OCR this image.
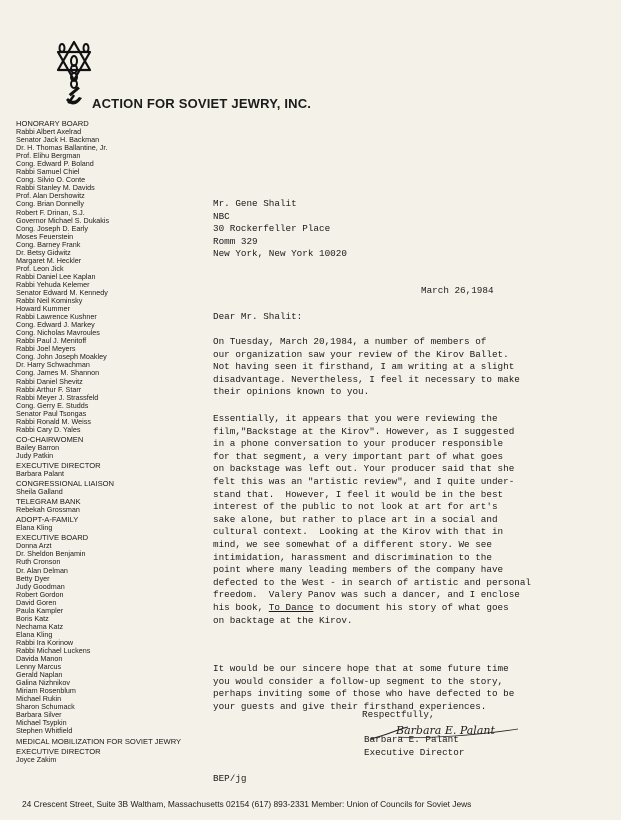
ACTION FOR SOVIET JEWRY, INC.
HONORARY BOARD
Rabbi Albert Axelrad
Senator Jack H. Backman
Dr. H. Thomas Ballantine, Jr.
Prof. Elihu Bergman
Cong. Edward P. Boland
Rabbi Samuel Chiel
Cong. Silvio O. Conte
Rabbi Stanley M. Davids
Prof. Alan Dershowitz
Cong. Brian Donnelly
Robert F. Drinan, S.J.
Governor Michael S. Dukakis
Cong. Joseph D. Early
Moses Feuerstein
Cong. Barney Frank
Dr. Betsy Gidwitz
Margaret M. Heckler
Prof. Leon Jick
Rabbi Daniel Lee Kaplan
Rabbi Yehuda Kelemer
Senator Edward M. Kennedy
Rabbi Neil Kominsky
Howard Kummer
Rabbi Lawrence Kushner
Cong. Edward J. Markey
Cong. Nicholas Mavroules
Rabbi Paul J. Menitoff
Rabbi Joel Meyers
Cong. John Joseph Moakley
Dr. Harry Schwachman
Cong. James M. Shannon
Rabbi Daniel Shevitz
Rabbi Arthur F. Starr
Rabbi Meyer J. Strassfeld
Cong. Gerry E. Studds
Senator Paul Tsongas
Rabbi Ronald M. Weiss
Rabbi Cary D. Yales
CO-CHAIRWOMEN
Bailey Barron
Judy Patkin
EXECUTIVE DIRECTOR
Barbara Palant
CONGRESSIONAL LIAISON
Sheila Galland
TELEGRAM BANK
Rebekah Grossman
ADOPT-A-FAMILY
Elana Kling
EXECUTIVE BOARD
Donna Arzt
Dr. Sheldon Benjamin
Ruth Cronson
Dr. Alan Delman
Betty Dyer
Judy Goodman
Robert Gordon
David Goren
Paula Kampler
Boris Katz
Nechama Katz
Elana Kling
Rabbi Ira Korinow
Rabbi Michael Luckens
Davida Manon
Lenny Marcus
Gerald Naplan
Galina Nizhnikov
Miriam Rosenblum
Michael Rukin
Sharon Schumack
Barbara Silver
Michael Tsypkin
Stephen Whitfield
MEDICAL MOBILIZATION FOR SOVIET JEWRY
EXECUTIVE DIRECTOR
Joyce Zakim
Mr. Gene Shalit
NBC
30 Rockerfeller Place
Romm 329
New York, New York 10020
March 26,1984
Dear Mr. Shalit:
On Tuesday, March 20,1984, a number of members of
our organization saw your review of the Kirov Ballet.
Not having seen it firsthand, I am writing at a slight
disadvantage. Nevertheless, I feel it necessary to make
their opinions known to you.
Essentially, it appears that you were reviewing the
film,"Backstage at the Kirov". However, as I suggested
in a phone conversation to your producer responsible
for that segment, a very important part of what goes
on backstage was left out. Your producer said that she
felt this was an "artistic review", and I quite under-
stand that.  However, I feel it would be in the best
interest of the public to not look at art for art's
sake alone, but rather to place art in a social and
cultural context.  Looking at the Kirov with that in
mind, we see somewhat of a different story. We see
intimidation, harassment and discrimination to the
point where many leading members of the company have
defected to the West - in search of artistic and personal
freedom.  Valery Panov was such a dancer, and I enclose
his book, To Dance to document his story of what goes
on backtage at the Kirov.
It would be our sincere hope that at some future time
you would consider a follow-up segment to the story,
perhaps inviting some of those who have defected to be
your guests and give their firsthand experiences.
Respectfully,
Barbara E. Palant
Executive Director
Barbara E. Palant
BEP/jg
24 Crescent Street, Suite 3B Waltham, Massachusetts 02154 (617) 893-2331 Member: Union of Councils for Soviet Jews
